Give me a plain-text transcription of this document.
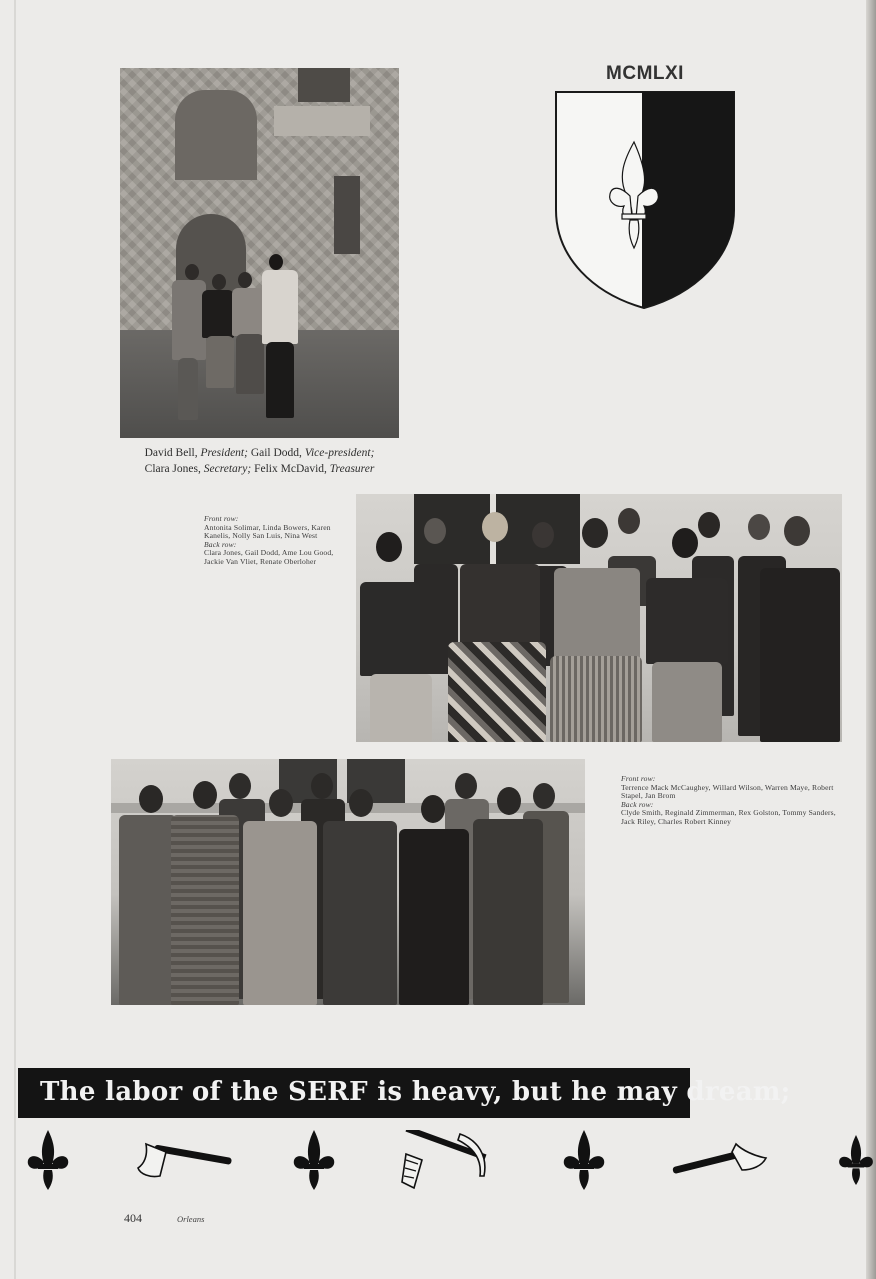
David Bell, President; Gail Dodd, Vice-president;
Clara Jones, Secretary; Felix McDavid, Treasurer
MCMLXI
Front row:
Antonita Solimar, Linda Bowers, Karen Kanelis, Nolly San Luis, Nina West
Back row:
Clara Jones, Gail Dodd, Ame Lou Good, Jackie Van Vliet, Renate Oberloher
Front row:
Terrence Mack McCaughey, Willard Wilson, Warren Maye, Robert Stapel, Jan Brom
Back row:
Clyde Smith, Reginald Zimmerman, Rex Golston, Tommy Sanders, Jack Riley, Charles Robert Kinney
The labor of the SERF is heavy, but he may dream;
404	Orleans
